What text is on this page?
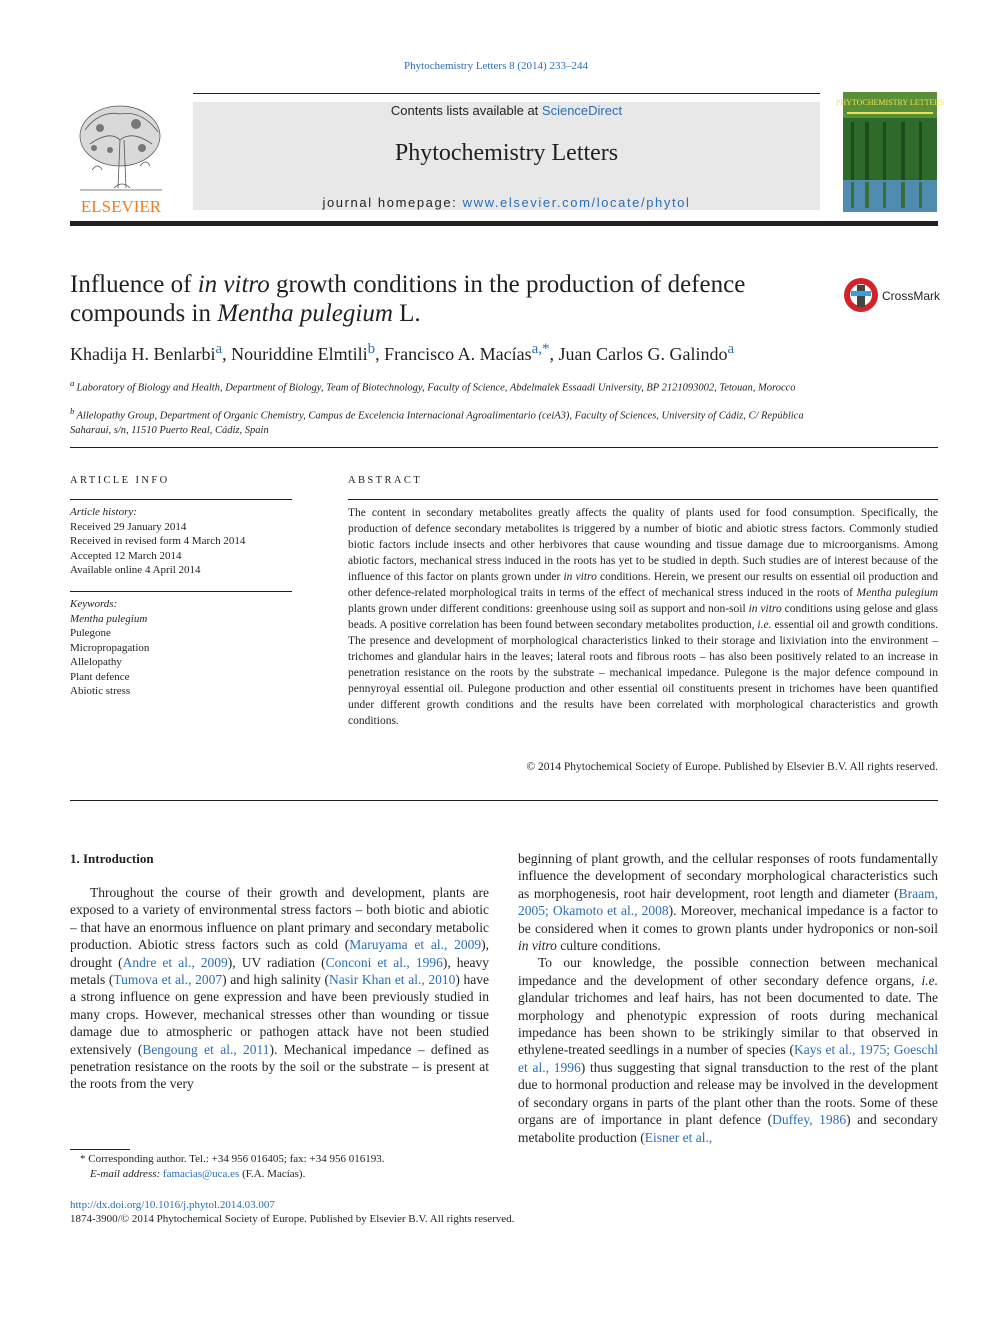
Phytochemistry Letters 8 (2014) 233–244
ELSEVIER
Contents lists available at ScienceDirect
Phytochemistry Letters
journal homepage: www.elsevier.com/locate/phytol
PHYTOCHEMISTRY LETTERS
Influence of in vitro growth conditions in the production of defence compounds in Mentha pulegium L.
CrossMark
Khadija H. Benlarbi$^a$, Nouriddine Elmtili$^b$, Francisco A. Macías$^{a,*}$, Juan Carlos G. Galindo$^a$
$^a$  Laboratory of Biology and Health, Department of Biology, Team of Biotechnology, Faculty of Science, Abdelmalek Essaadi University, BP 2121093002, Tetouan, Morocco
$^b$  Allelopathy Group, Department of Organic Chemistry, Campus de Excelencia Internacional Agroalimentario (ceiA3), Faculty of Sciences, University of Cádiz, C/ República Saharaui, s/n, 11510 Puerto Real, Cádiz, Spain
ARTICLE INFO
Article history:
Received 29 January 2014
Received in revised form 4 March 2014
Accepted 12 March 2014
Available online 4 April 2014
Keywords:
Mentha pulegium
Pulegone
Micropropagation
Allelopathy
Plant defence
Abiotic stress
ABSTRACT
The content in secondary metabolites greatly affects the quality of plants used for food consumption. Specifically, the production of defence secondary metabolites is triggered by a number of biotic and abiotic stress factors. Commonly studied biotic factors include insects and other herbivores that cause wounding and tissue damage due to microorganisms. Among abiotic factors, mechanical stress induced in the roots has yet to be studied in depth. Such studies are of interest because of the influence of this factor on plants grown under in vitro conditions. Herein, we present our results on essential oil production and other defence-related morphological traits in terms of the effect of mechanical stress induced in the roots of Mentha pulegium plants grown under different conditions: greenhouse using soil as support and non-soil in vitro conditions using gelose and glass beads. A positive correlation has been found between secondary metabolites production, i.e. essential oil and growth conditions. The presence and development of morphological characteristics linked to their storage and lixiviation into the environment – trichomes and glandular hairs in the leaves; lateral roots and fibrous roots – has also been positively related to an increase in penetration resistance on the roots by the substrate – mechanical impedance. Pulegone is the major defence compound in pennyroyal essential oil. Pulegone production and other essential oil constituents present in trichomes have been quantified under different growth conditions and the results have been correlated with morphological characteristics and growth conditions.
© 2014 Phytochemical Society of Europe. Published by Elsevier B.V. All rights reserved.
1. Introduction
Throughout the course of their growth and development, plants are exposed to a variety of environmental stress factors – both biotic and abiotic – that have an enormous influence on plant primary and secondary metabolic production. Abiotic stress factors such as cold (Maruyama et al., 2009), drought (Andre et al., 2009), UV radiation (Conconi et al., 1996), heavy metals (Tumova et al., 2007) and high salinity (Nasir Khan et al., 2010) have a strong influence on gene expression and have been previously studied in many crops. However, mechanical stresses other than wounding or tissue damage due to atmospheric or pathogen attack have not been studied extensively (Bengoung et al., 2011). Mechanical impedance – defined as penetration resistance on the roots by the soil or the substrate – is present at the roots from the very
beginning of plant growth, and the cellular responses of roots fundamentally influence the development of secondary morphological characteristics such as morphogenesis, root hair development, root length and diameter (Braam, 2005; Okamoto et al., 2008). Moreover, mechanical impedance is a factor to be considered when it comes to grown plants under hydroponics or non-soil in vitro culture conditions.
To our knowledge, the possible connection between mechanical impedance and the development of other secondary defence organs, i.e. glandular trichomes and leaf hairs, has not been documented to date. The morphology and phenotypic expression of roots during mechanical impedance has been shown to be strikingly similar to that observed in ethylene-treated seedlings in a number of species (Kays et al., 1975; Goeschl et al., 1996) thus suggesting that signal transduction to the rest of the plant due to hormonal production and release may be involved in the development of secondary organs in parts of the plant other than the roots. Some of these organs are of importance in plant defence (Duffey, 1986) and secondary metabolite production (Eisner et al.,
* Corresponding author. Tel.: +34 956 016405; fax: +34 956 016193.
E-mail address: famacias@uca.es (F.A. Macías).
http://dx.doi.org/10.1016/j.phytol.2014.03.007
1874-3900/© 2014 Phytochemical Society of Europe. Published by Elsevier B.V. All rights reserved.
